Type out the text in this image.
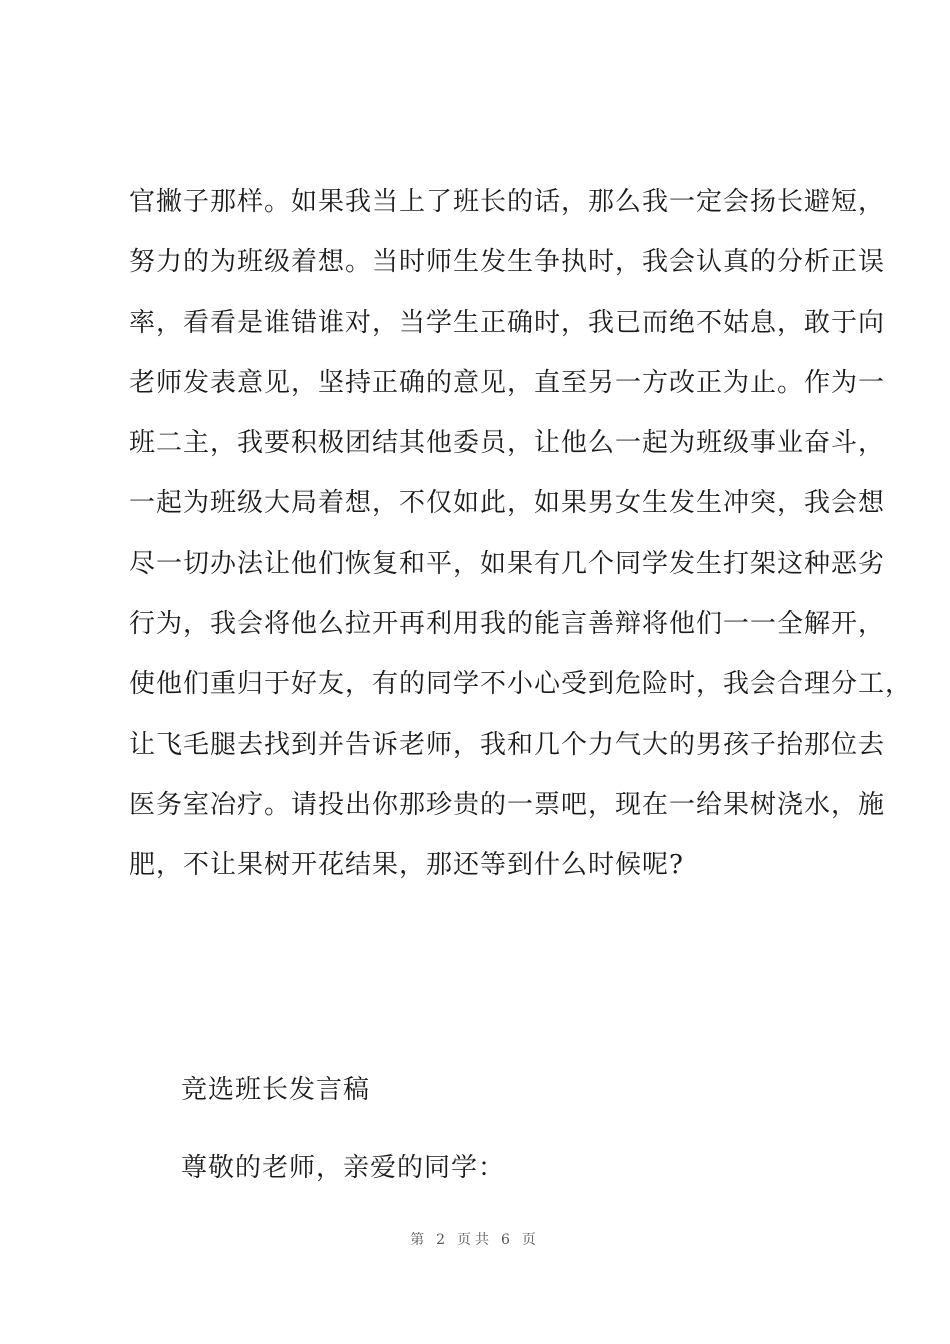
官撇子那样。如果我当上了班长的话，那么我一定会扬长避短，
努力的为班级着想。当时师生发生争执时，我会认真的分析正误
率，看看是谁错谁对，当学生正确时，我已而绝不姑息，敢于向
老师发表意见，坚持正确的意见，直至另一方改正为止。作为一
班二主，我要积极团结其他委员，让他么一起为班级事业奋斗，
一起为班级大局着想，不仅如此，如果男女生发生冲突，我会想
尽一切办法让他们恢复和平，如果有几个同学发生打架这种恶劣
行为，我会将他么拉开再利用我的能言善辩将他们一一全解开，
使他们重归于好友，有的同学不小心受到危险时，我会合理分工，
让飞毛腿去找到并告诉老师，我和几个力气大的男孩子抬那位去
医务室冶疗。请投出你那珍贵的一票吧，现在一给果树浇水，施
肥，不让果树开花结果，那还等到什么时候呢?
竞选班长发言稿
尊敬的老师，亲爱的同学：
第 2 页共 6 页
